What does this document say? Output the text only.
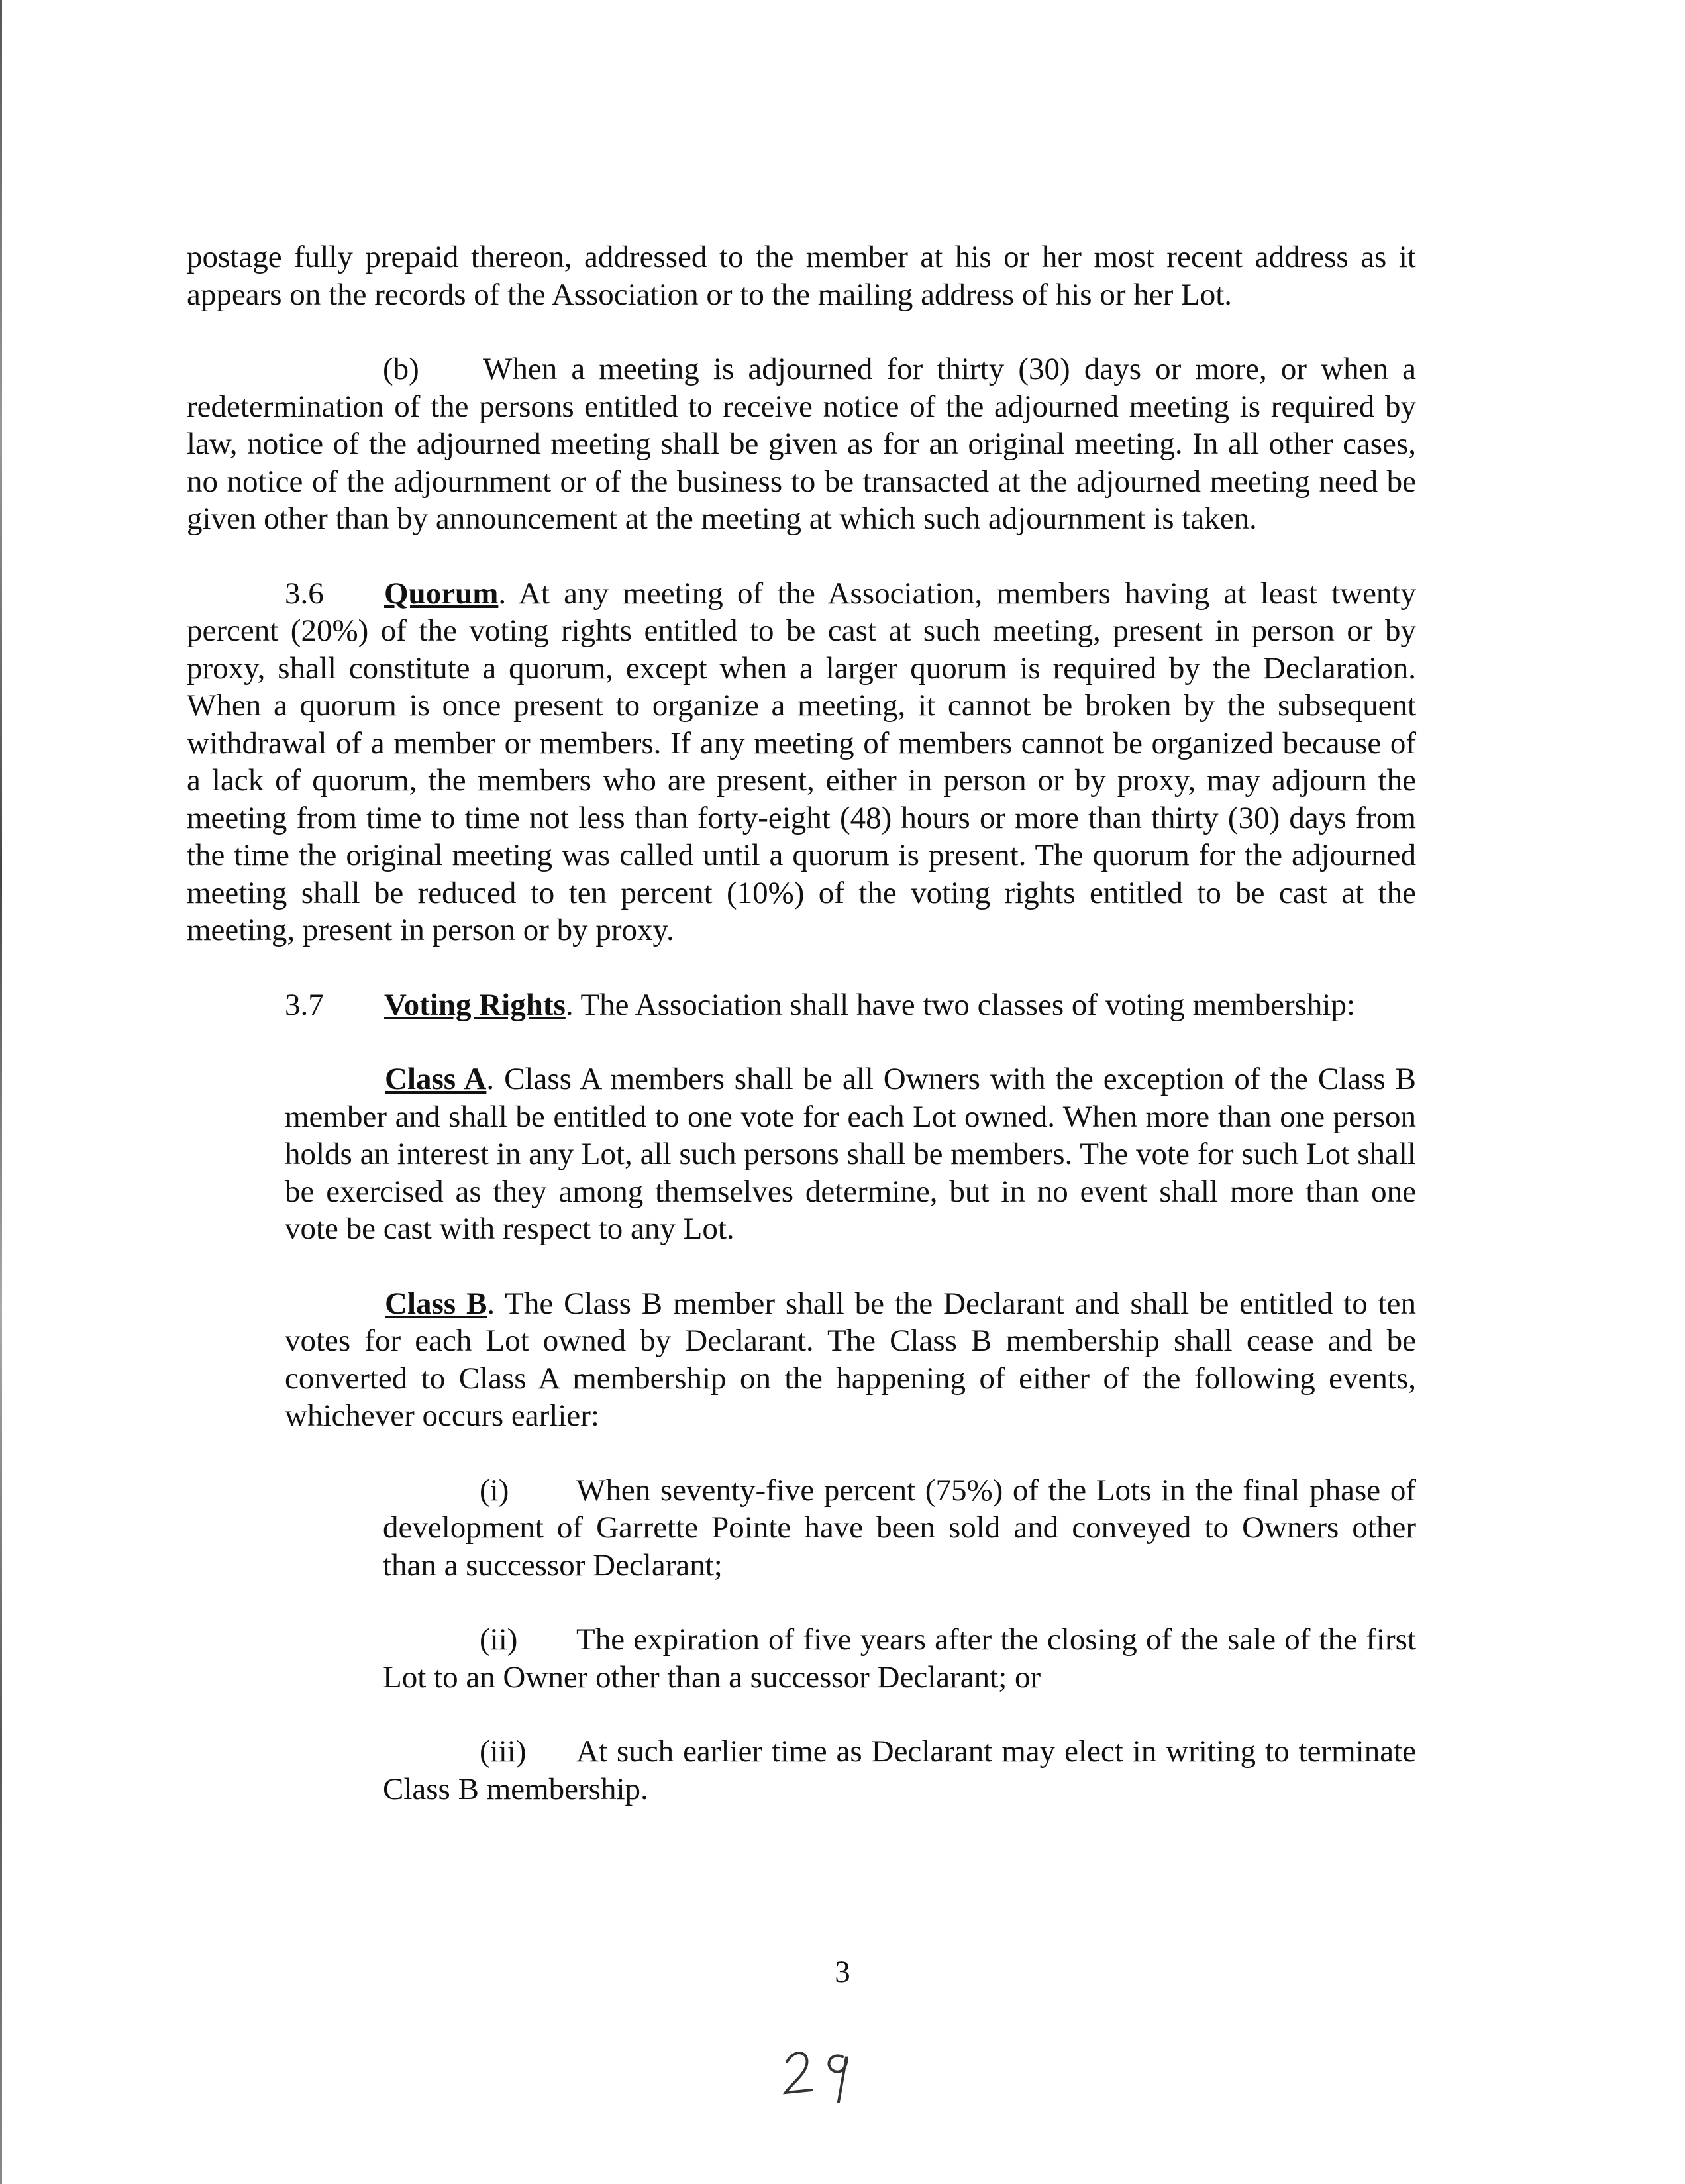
postage fully prepaid thereon, addressed to the member at his or her most recent address as it appears on the records of the Association or to the mailing address of his or her Lot.

(b) When a meeting is adjourned for thirty (30) days or more, or when a redetermination of the persons entitled to receive notice of the adjourned meeting is required by law, notice of the adjourned meeting shall be given as for an original meeting. In all other cases, no notice of the adjournment or of the business to be transacted at the adjourned meeting need be given other than by announcement at the meeting at which such adjournment is taken.

3.6 Quorum. At any meeting of the Association, members having at least twenty percent (20%) of the voting rights entitled to be cast at such meeting, present in person or by proxy, shall constitute a quorum, except when a larger quorum is required by the Declaration. When a quorum is once present to organize a meeting, it cannot be broken by the subsequent withdrawal of a member or members. If any meeting of members cannot be organized because of a lack of quorum, the members who are present, either in person or by proxy, may adjourn the meeting from time to time not less than forty-eight (48) hours or more than thirty (30) days from the time the original meeting was called until a quorum is present. The quorum for the adjourned meeting shall be reduced to ten percent (10%) of the voting rights entitled to be cast at the meeting, present in person or by proxy.

3.7 Voting Rights. The Association shall have two classes of voting membership:

Class A. Class A members shall be all Owners with the exception of the Class B member and shall be entitled to one vote for each Lot owned. When more than one person holds an interest in any Lot, all such persons shall be members. The vote for such Lot shall be exercised as they among themselves determine, but in no event shall more than one vote be cast with respect to any Lot.

Class B. The Class B member shall be the Declarant and shall be entitled to ten votes for each Lot owned by Declarant. The Class B membership shall cease and be converted to Class A membership on the happening of either of the following events, whichever occurs earlier:

(i) When seventy-five percent (75%) of the Lots in the final phase of development of Garrette Pointe have been sold and conveyed to Owners other than a successor Declarant;

(ii) The expiration of five years after the closing of the sale of the first Lot to an Owner other than a successor Declarant; or

(iii) At such earlier time as Declarant may elect in writing to terminate Class B membership.

3
